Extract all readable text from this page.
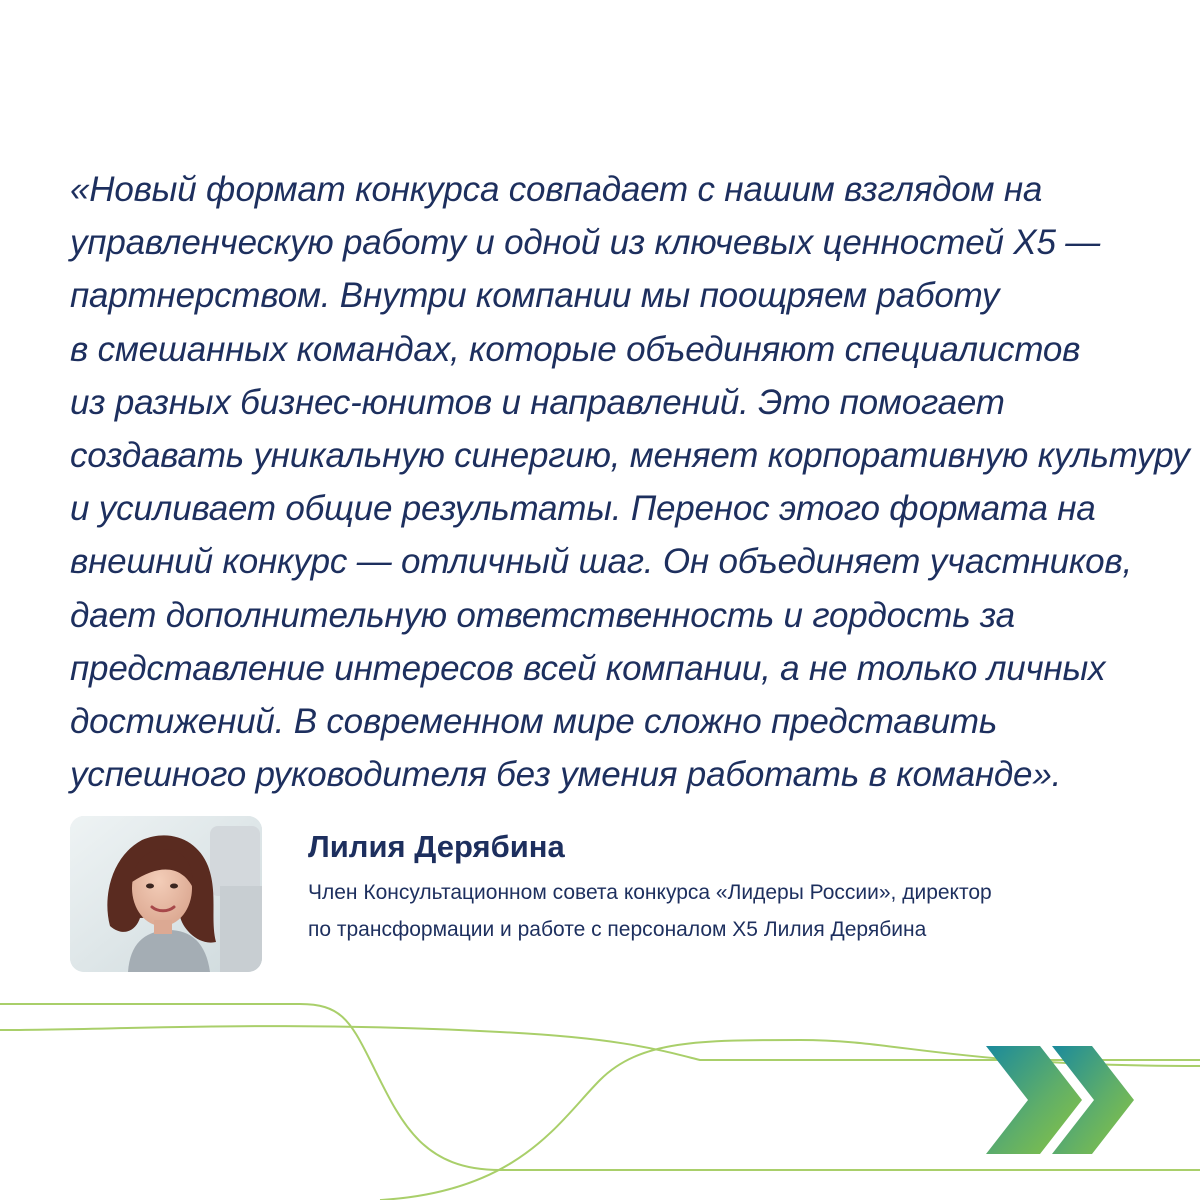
«Новый формат конкурса совпадает с нашим взглядом на
управленческую работу и одной из ключевых ценностей Х5 —
партнерством. Внутри компании мы поощряем работу
в смешанных командах, которые объединяют специалистов
из разных бизнес-юнитов и направлений. Это помогает
создавать уникальную синергию, меняет корпоративную культуру
и усиливает общие результаты. Перенос этого формата на
внешний конкурс — отличный шаг. Он объединяет участников,
дает дополнительную ответственность и гордость за
представление интересов всей компании, а не только личных
достижений. В современном мире сложно представить
успешного руководителя без умения работать в команде».

Лилия Дерябина

Член Консультационном совета конкурса «Лидеры России», директор
по трансформации и работе с персоналом Х5 Лилия Дерябина
